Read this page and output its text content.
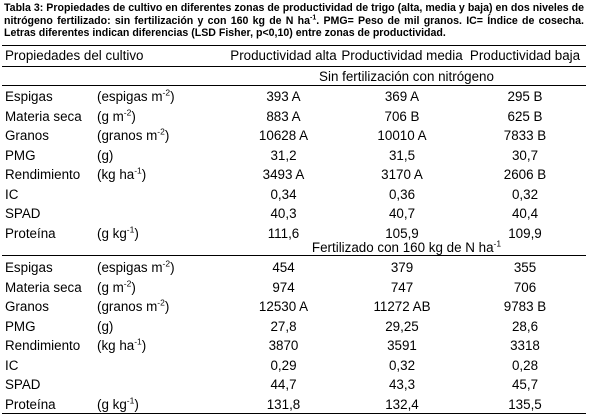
Tabla 3: Propiedades de cultivo en diferentes zonas de productividad de trigo (alta, media y baja) en dos niveles de nitrógeno fertilizado: sin fertilización y con 160 kg de N $ha^{-1}$. PMG= Peso de mil granos. IC= Índice de cosecha. Letras diferentes indican diferencias (LSD Fisher, p<0,10) entre zonas de productividad.
Propiedades del cultivo	Productividad alta Productividad media Productividad baja
Sin fertilización con nitrógeno
Espigas	(espigas $m^{-2}$)	393 A	369 A	295 B
Materia seca (g $m^{-2}$)	883 A	706 B	625 B
Granos	(granos $m^{-2}$)	10628 A	10010 A	7833 B
PMG	(g)	31,2	31,5	30,7
Rendimiento (kg $ha^{-1}$)	3493 A	3170 A	2606 B
IC	0,34	0,36	0,32
SPAD	40,3	40,7	40,4
Proteína	(g $kg^{-1}$)	111,6	105,9	109,9
Fertilizado con 160 kg de N $ha^{-1}$
Espigas	(espigas $m^{-2}$)	454	379	355
Materia seca (g $m^{-2}$)	974	747	706
Granos	(granos $m^{-2}$)	12530 A	11272 AB	9783 B
PMG	(g)	27,8	29,25	28,6
Rendimiento (kg $ha^{-1}$)	3870	3591	3318
IC	0,29	0,32	0,28
SPAD	44,7	43,3	45,7
Proteína	(g $kg^{-1}$)	131,8	132,4	135,5
